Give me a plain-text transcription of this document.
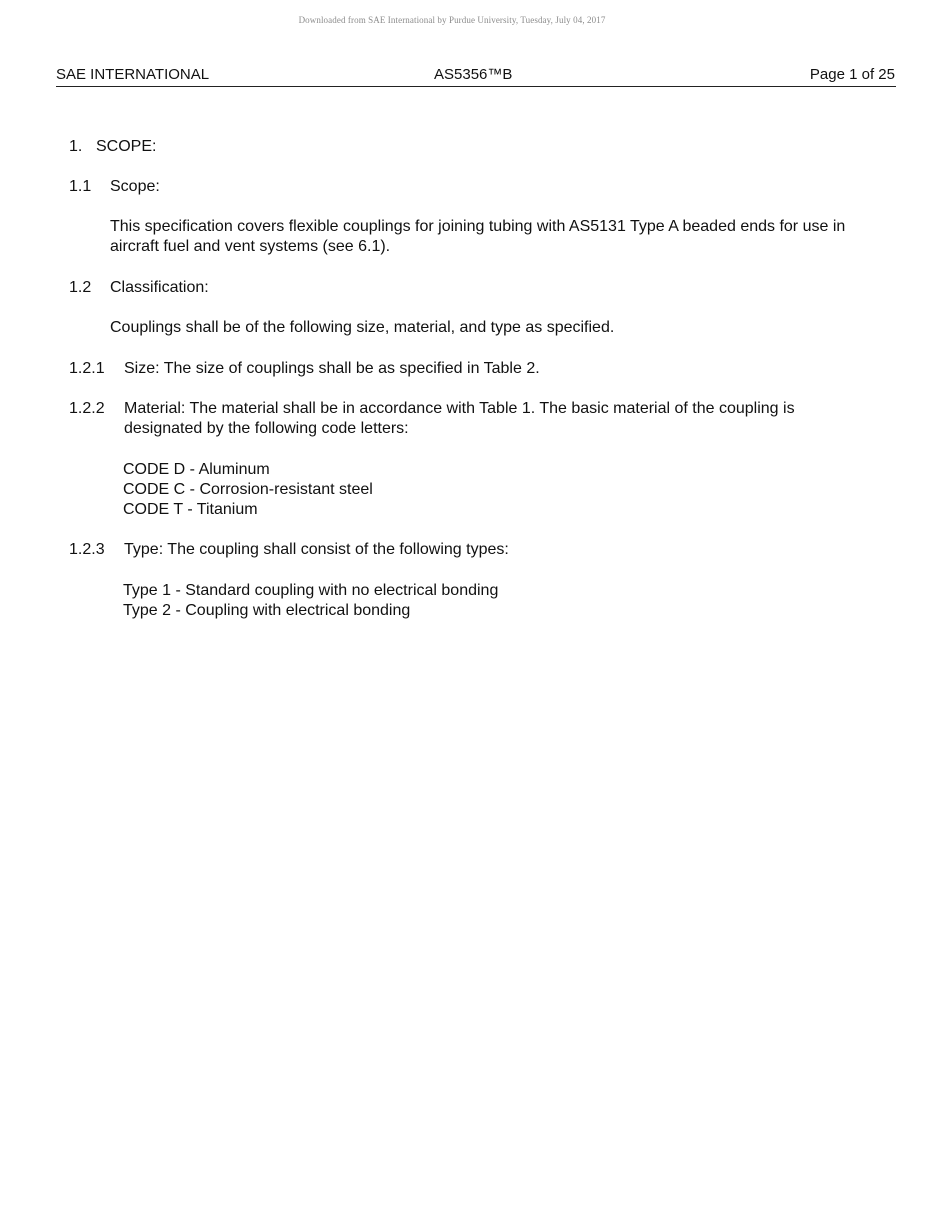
Downloaded from SAE International by Purdue University, Tuesday, July 04, 2017
SAE INTERNATIONAL	AS5356™B	Page 1 of 25
1. SCOPE:
1.1 Scope:
This specification covers flexible couplings for joining tubing with AS5131 Type A beaded ends for use in aircraft fuel and vent systems (see 6.1).
1.2 Classification:
Couplings shall be of the following size, material, and type as specified.
1.2.1 Size: The size of couplings shall be as specified in Table 2.
1.2.2 Material: The material shall be in accordance with Table 1. The basic material of the coupling is designated by the following code letters:
CODE D - Aluminum
CODE C - Corrosion-resistant steel
CODE T - Titanium
1.2.3 Type: The coupling shall consist of the following types:
Type 1 - Standard coupling with no electrical bonding
Type 2 - Coupling with electrical bonding
